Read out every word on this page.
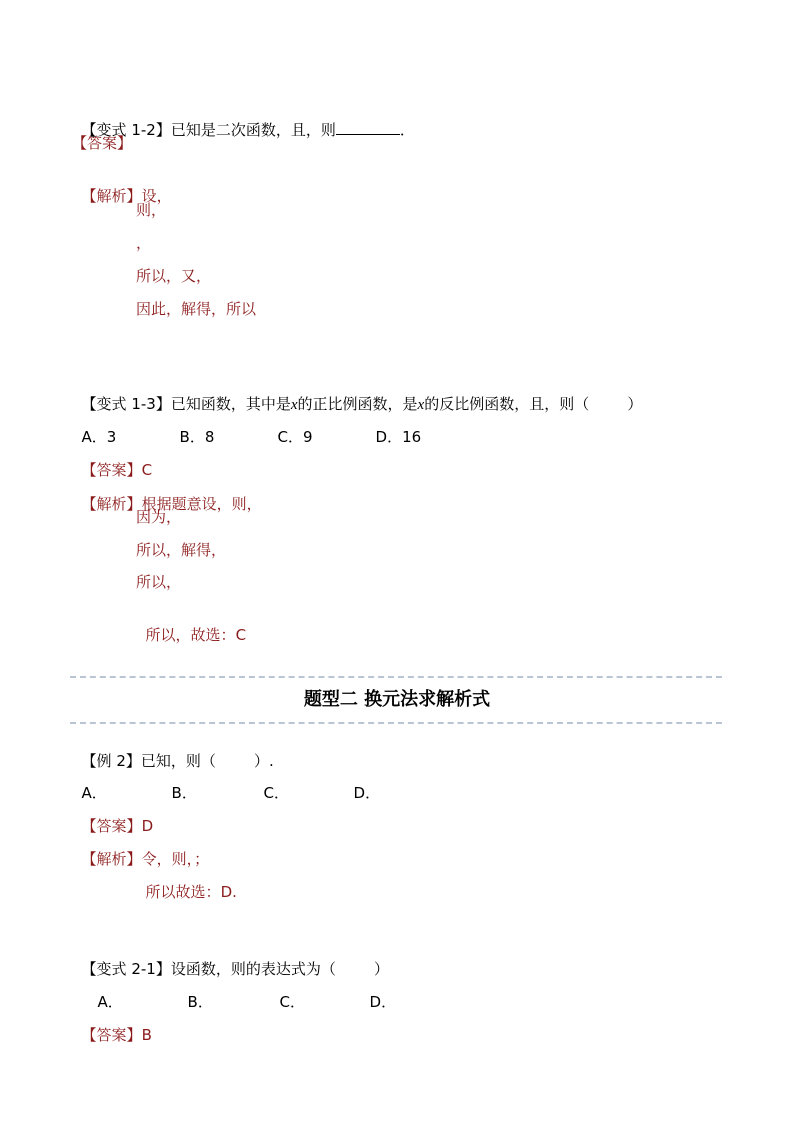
【变式 1-2】已知是二次函数，且，则	．

【答案】

【解析】设，

则，
，
所以，又，
因此，解得，所以

【变式 1-3】已知函数，其中是x的正比例函数，是x的反比例函数，且，则（        ）

A．3	B．8	C．9	D．16

【答案】C

【解析】根据题意设，则，

因为，
所以，解得，
所以，

所以，故选：C

题型二 换元法求解析式

【例 2】已知，则（        ）.

A．	B．	C．	D．

【答案】D

【解析】令，则，；

所以故选：D.

【变式 2-1】设函数，则的表达式为（        ）

A．	B．	C．	D．

【答案】B
